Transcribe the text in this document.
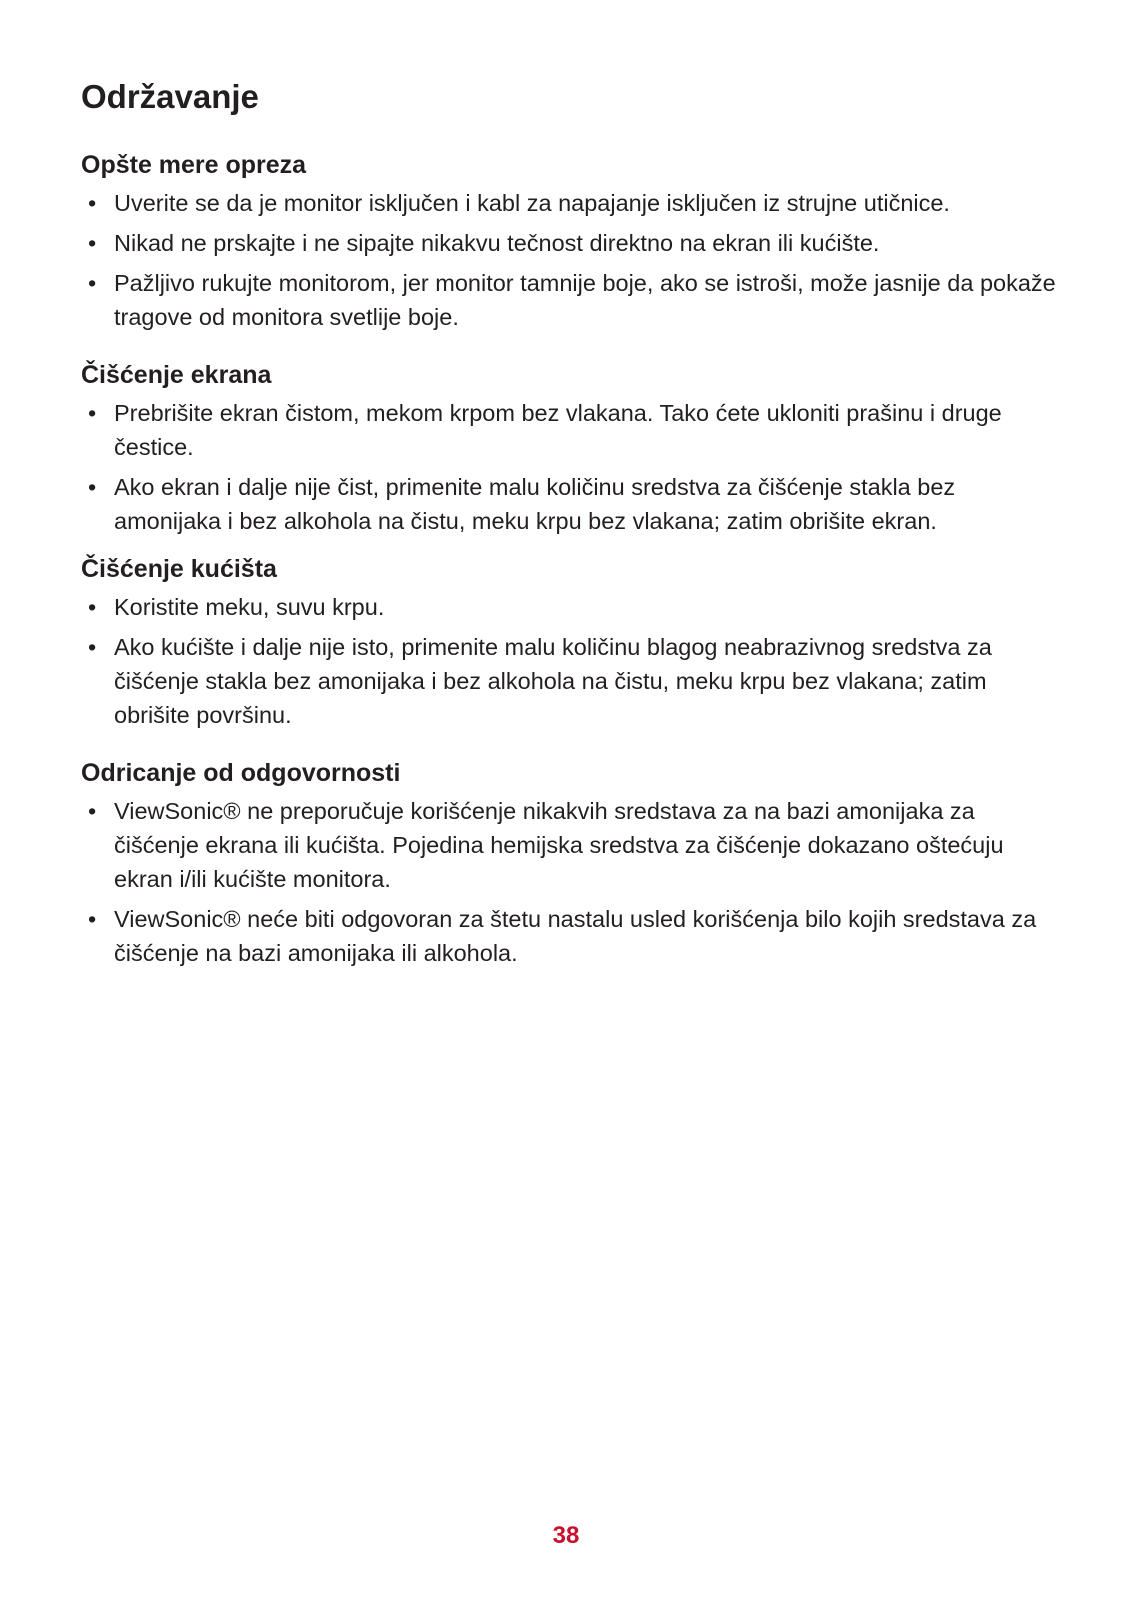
Održavanje
Opšte mere opreza
• Uverite se da je monitor isključen i kabl za napajanje isključen iz strujne utičnice.
• Nikad ne prskajte i ne sipajte nikakvu tečnost direktno na ekran ili kućište.
• Pažljivo rukujte monitorom, jer monitor tamnije boje, ako se istroši, može jasnije da pokaže tragove od monitora svetlije boje.
Čišćenje ekrana
• Prebrišite ekran čistom, mekom krpom bez vlakana. Tako ćete ukloniti prašinu i druge čestice.
• Ako ekran i dalje nije čist, primenite malu količinu sredstva za čišćenje stakla bez amonijaka i bez alkohola na čistu, meku krpu bez vlakana; zatim obrišite ekran.
Čišćenje kućišta
• Koristite meku, suvu krpu.
• Ako kućište i dalje nije isto, primenite malu količinu blagog neabrazivnog sredstva za čišćenje stakla bez amonijaka i bez alkohola na čistu, meku krpu bez vlakana; zatim obrišite površinu.
Odricanje od odgovornosti
• ViewSonic® ne preporučuje korišćenje nikakvih sredstava za na bazi amonijaka za čišćenje ekrana ili kućišta. Pojedina hemijska sredstva za čišćenje dokazano oštećuju ekran i/ili kućište monitora.
• ViewSonic® neće biti odgovoran za štetu nastalu usled korišćenja bilo kojih sredstava za čišćenje na bazi amonijaka ili alkohola.
38
